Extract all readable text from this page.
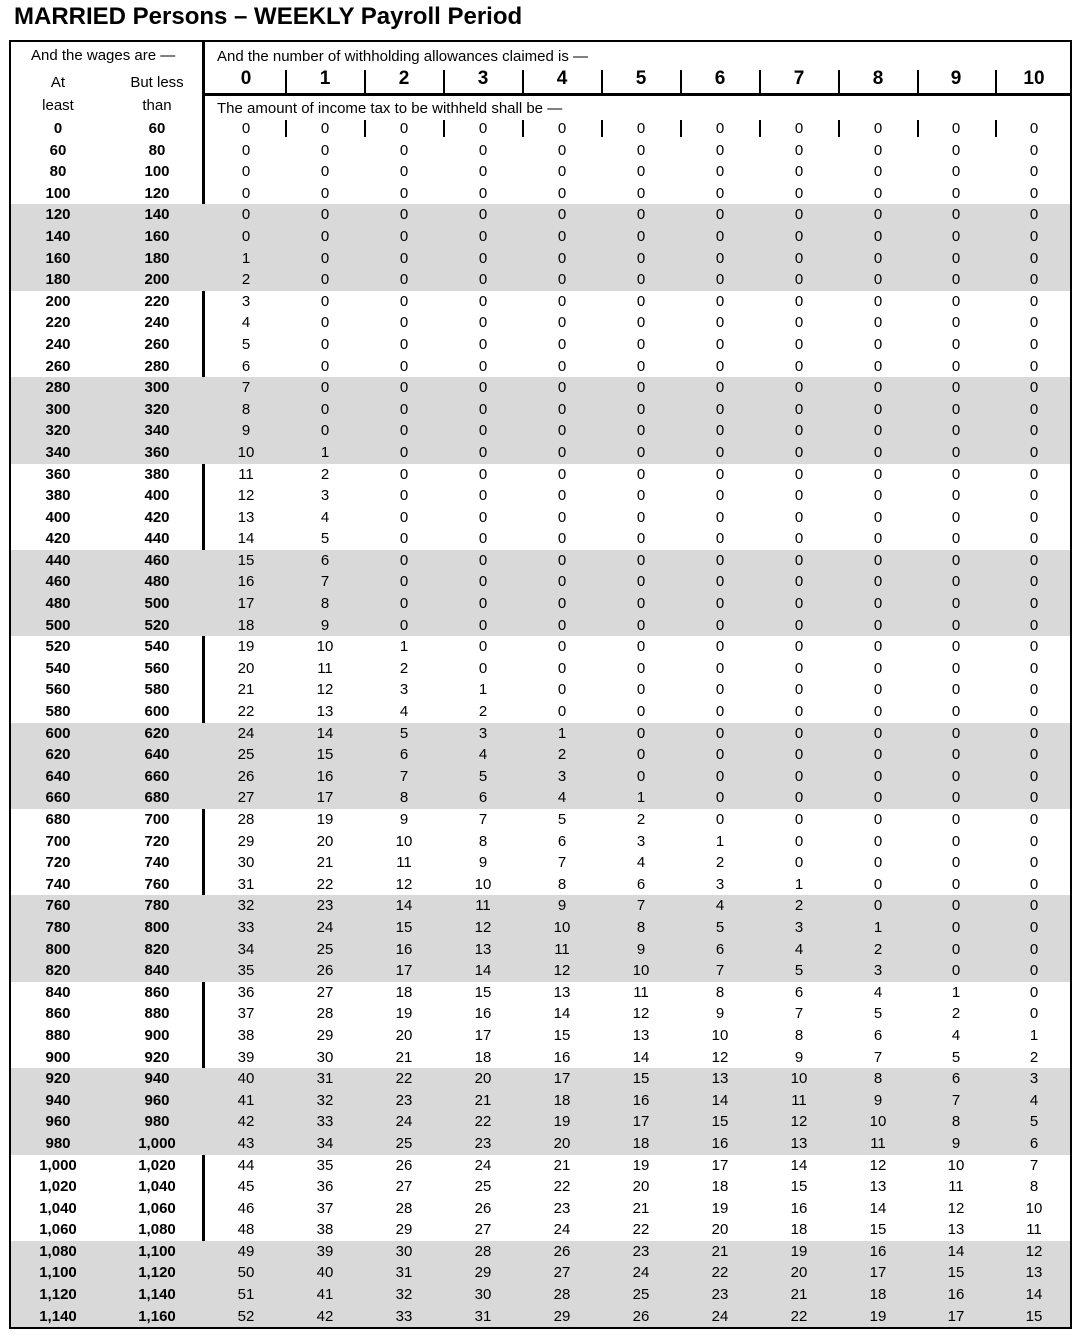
MARRIED Persons – WEEKLY Payroll Period
And the wages are —
At
least
But less
than
And the number of withholding allowances claimed is —
The amount of income tax to be withheld shall be —
0	1	2	3	4	5	6	7	8	9	10
0	60	0	0	0	0	0	0	0	0	0	0	0
60	80	0	0	0	0	0	0	0	0	0	0	0
80	100	0	0	0	0	0	0	0	0	0	0	0
100	120	0	0	0	0	0	0	0	0	0	0	0
120	140	0	0	0	0	0	0	0	0	0	0	0
140	160	0	0	0	0	0	0	0	0	0	0	0
160	180	1	0	0	0	0	0	0	0	0	0	0
180	200	2	0	0	0	0	0	0	0	0	0	0
200	220	3	0	0	0	0	0	0	0	0	0	0
220	240	4	0	0	0	0	0	0	0	0	0	0
240	260	5	0	0	0	0	0	0	0	0	0	0
260	280	6	0	0	0	0	0	0	0	0	0	0
280	300	7	0	0	0	0	0	0	0	0	0	0
300	320	8	0	0	0	0	0	0	0	0	0	0
320	340	9	0	0	0	0	0	0	0	0	0	0
340	360	10	1	0	0	0	0	0	0	0	0	0
360	380	11	2	0	0	0	0	0	0	0	0	0
380	400	12	3	0	0	0	0	0	0	0	0	0
400	420	13	4	0	0	0	0	0	0	0	0	0
420	440	14	5	0	0	0	0	0	0	0	0	0
440	460	15	6	0	0	0	0	0	0	0	0	0
460	480	16	7	0	0	0	0	0	0	0	0	0
480	500	17	8	0	0	0	0	0	0	0	0	0
500	520	18	9	0	0	0	0	0	0	0	0	0
520	540	19	10	1	0	0	0	0	0	0	0	0
540	560	20	11	2	0	0	0	0	0	0	0	0
560	580	21	12	3	1	0	0	0	0	0	0	0
580	600	22	13	4	2	0	0	0	0	0	0	0
600	620	24	14	5	3	1	0	0	0	0	0	0
620	640	25	15	6	4	2	0	0	0	0	0	0
640	660	26	16	7	5	3	0	0	0	0	0	0
660	680	27	17	8	6	4	1	0	0	0	0	0
680	700	28	19	9	7	5	2	0	0	0	0	0
700	720	29	20	10	8	6	3	1	0	0	0	0
720	740	30	21	11	9	7	4	2	0	0	0	0
740	760	31	22	12	10	8	6	3	1	0	0	0
760	780	32	23	14	11	9	7	4	2	0	0	0
780	800	33	24	15	12	10	8	5	3	1	0	0
800	820	34	25	16	13	11	9	6	4	2	0	0
820	840	35	26	17	14	12	10	7	5	3	0	0
840	860	36	27	18	15	13	11	8	6	4	1	0
860	880	37	28	19	16	14	12	9	7	5	2	0
880	900	38	29	20	17	15	13	10	8	6	4	1
900	920	39	30	21	18	16	14	12	9	7	5	2
920	940	40	31	22	20	17	15	13	10	8	6	3
940	960	41	32	23	21	18	16	14	11	9	7	4
960	980	42	33	24	22	19	17	15	12	10	8	5
980	1,000	43	34	25	23	20	18	16	13	11	9	6
1,000	1,020	44	35	26	24	21	19	17	14	12	10	7
1,020	1,040	45	36	27	25	22	20	18	15	13	11	8
1,040	1,060	46	37	28	26	23	21	19	16	14	12	10
1,060	1,080	48	38	29	27	24	22	20	18	15	13	11
1,080	1,100	49	39	30	28	26	23	21	19	16	14	12
1,100	1,120	50	40	31	29	27	24	22	20	17	15	13
1,120	1,140	51	41	32	30	28	25	23	21	18	16	14
1,140	1,160	52	42	33	31	29	26	24	22	19	17	15
